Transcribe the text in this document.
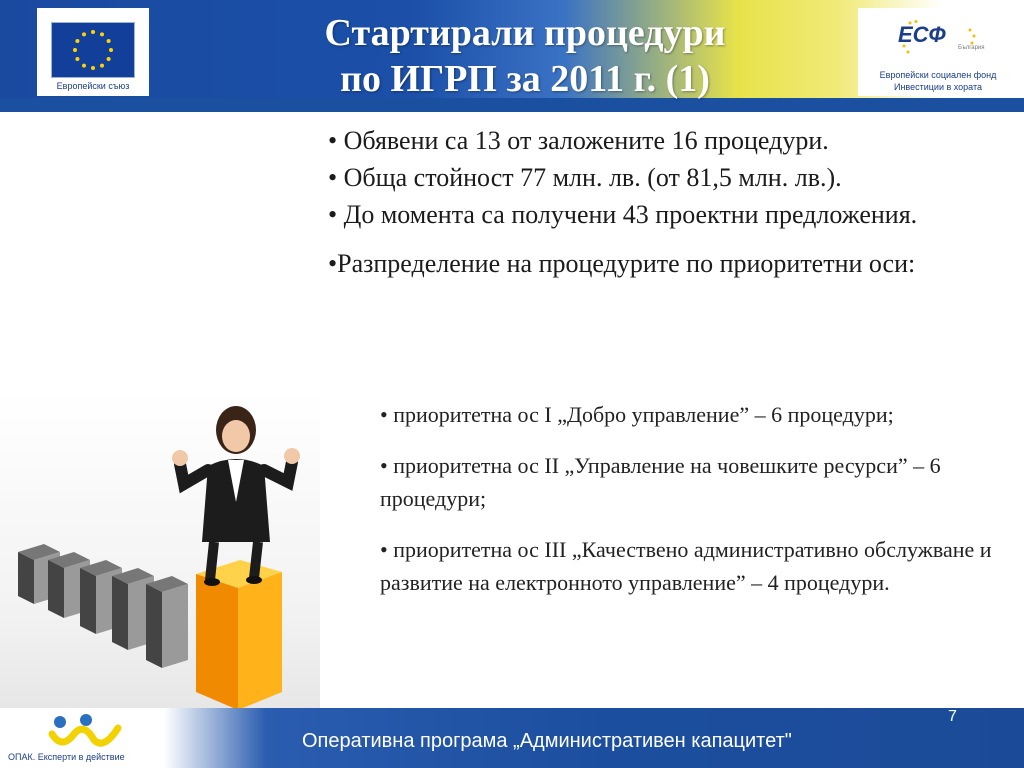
Европейски съюз
Стартирали процедури
по ИГРП за 2011 г. (1)
ЕСФ
България
Европейски социален фонд
Инвестиции в хората

• Обявени са 13 от заложените 16 процедури.

• Обща стойност 77 млн. лв. (от 81,5 млн. лв.).

• До момента са получени 43 проектни предложения.

•Разпределение на процедурите по приоритетни оси:

• приоритетна ос I „Добро управление” – 6 процедури;

• приоритетна ос II „Управление на човешките ресурси” – 6 процедури;

• приоритетна ос III „Качествено административно обслужване и развитие на електронното управление” – 4 процедури.

ОПАК. Експерти в действие
Оперативна програма „Административен капацитет"
7
